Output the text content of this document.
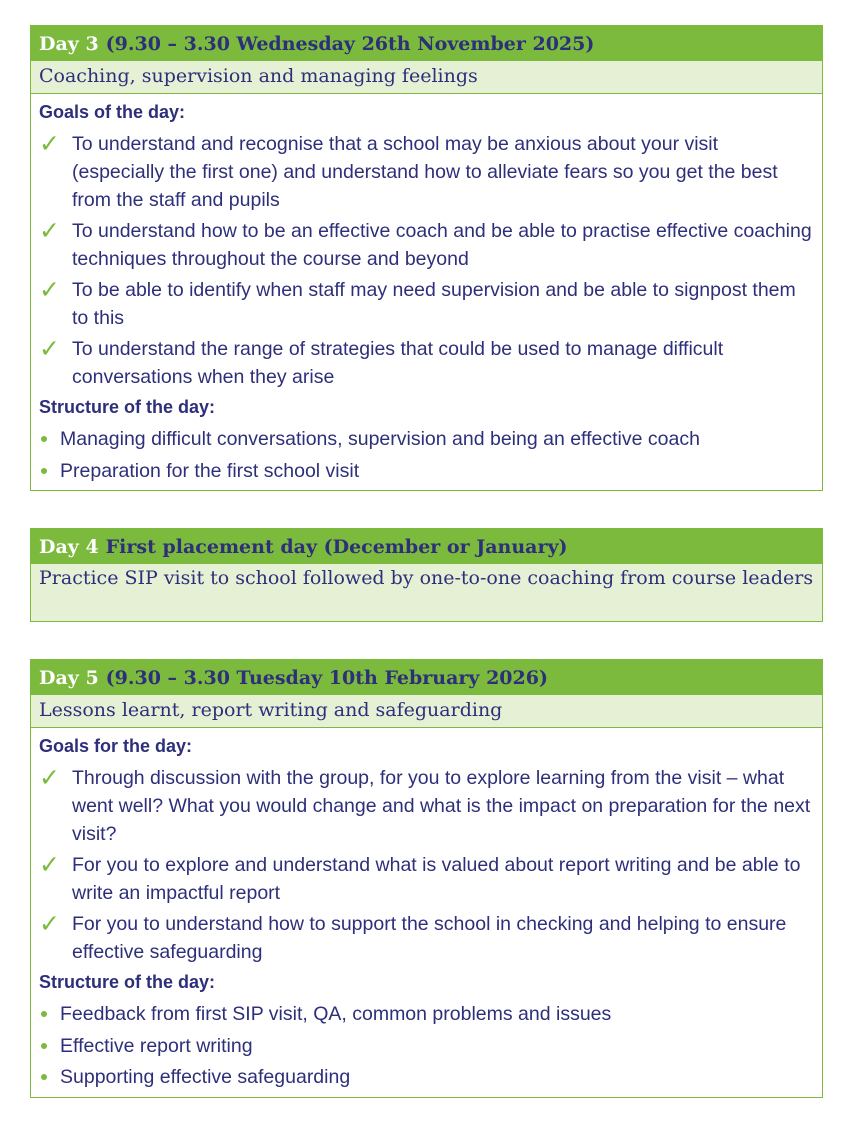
Day 3 (9.30 – 3.30 Wednesday 26th November 2025)
Coaching, supervision and managing feelings
Goals of the day:
✓ To understand and recognise that a school may be anxious about your visit (especially the first one) and understand how to alleviate fears so you get the best from the staff and pupils
✓ To understand how to be an effective coach and be able to practise effective coaching techniques throughout the course and beyond
✓ To be able to identify when staff may need supervision and be able to signpost them to this
✓ To understand the range of strategies that could be used to manage difficult conversations when they arise
Structure of the day:
Managing difficult conversations, supervision and being an effective coach
Preparation for the first school visit
Day 4 First placement day (December or January)
Practice SIP visit to school followed by one-to-one coaching from course leaders
Day 5 (9.30 – 3.30 Tuesday 10th February 2026)
Lessons learnt, report writing and safeguarding
Goals for the day:
✓ Through discussion with the group, for you to explore learning from the visit – what went well? What you would change and what is the impact on preparation for the next visit?
✓ For you to explore and understand what is valued about report writing and be able to write an impactful report
✓ For you to understand how to support the school in checking and helping to ensure effective safeguarding
Structure of the day:
Feedback from first SIP visit, QA, common problems and issues
Effective report writing
Supporting effective safeguarding
